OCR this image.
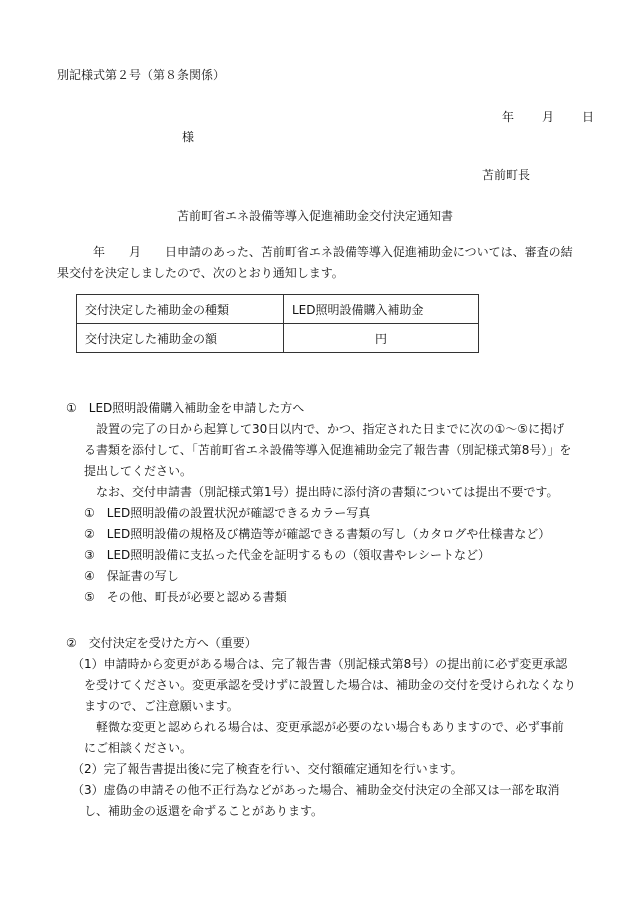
別記様式第２号（第８条関係）
年 月 日
様
苫前町長
苫前町省エネ設備等導入促進補助金交付決定通知書
　　　年　　月　　日申請のあった、苫前町省エネ設備等導入促進補助金については、審査の結
果交付を決定しましたので、次のとおり通知します。
交付決定した補助金の種類	LED照明設備購入補助金
交付決定した補助金の額	円
①　LED照明設備購入補助金を申請した方へ
　設置の完了の日から起算して30日以内で、かつ、指定された日までに次の①～⑤に掲げ
る書類を添付して、「苫前町省エネ設備等導入促進補助金完了報告書（別記様式第8号）」を
提出してください。
　なお、交付申請書（別記様式第1号）提出時に添付済の書類については提出不要です。
①　LED照明設備の設置状況が確認できるカラー写真
②　LED照明設備の規格及び構造等が確認できる書類の写し（カタログや仕様書など）
③　LED照明設備に支払った代金を証明するもの（領収書やレシートなど）
④　保証書の写し
⑤　その他、町長が必要と認める書類
②　交付決定を受けた方へ（重要）
（1）申請時から変更がある場合は、完了報告書（別記様式第8号）の提出前に必ず変更承認
を受けてください。変更承認を受けずに設置した場合は、補助金の交付を受けられなくなり
ますので、ご注意願います。
　軽微な変更と認められる場合は、変更承認が必要のない場合もありますので、必ず事前
にご相談ください。
（2）完了報告書提出後に完了検査を行い、交付額確定通知を行います。
（3）虚偽の申請その他不正行為などがあった場合、補助金交付決定の全部又は一部を取消
し、補助金の返還を命ずることがあります。
